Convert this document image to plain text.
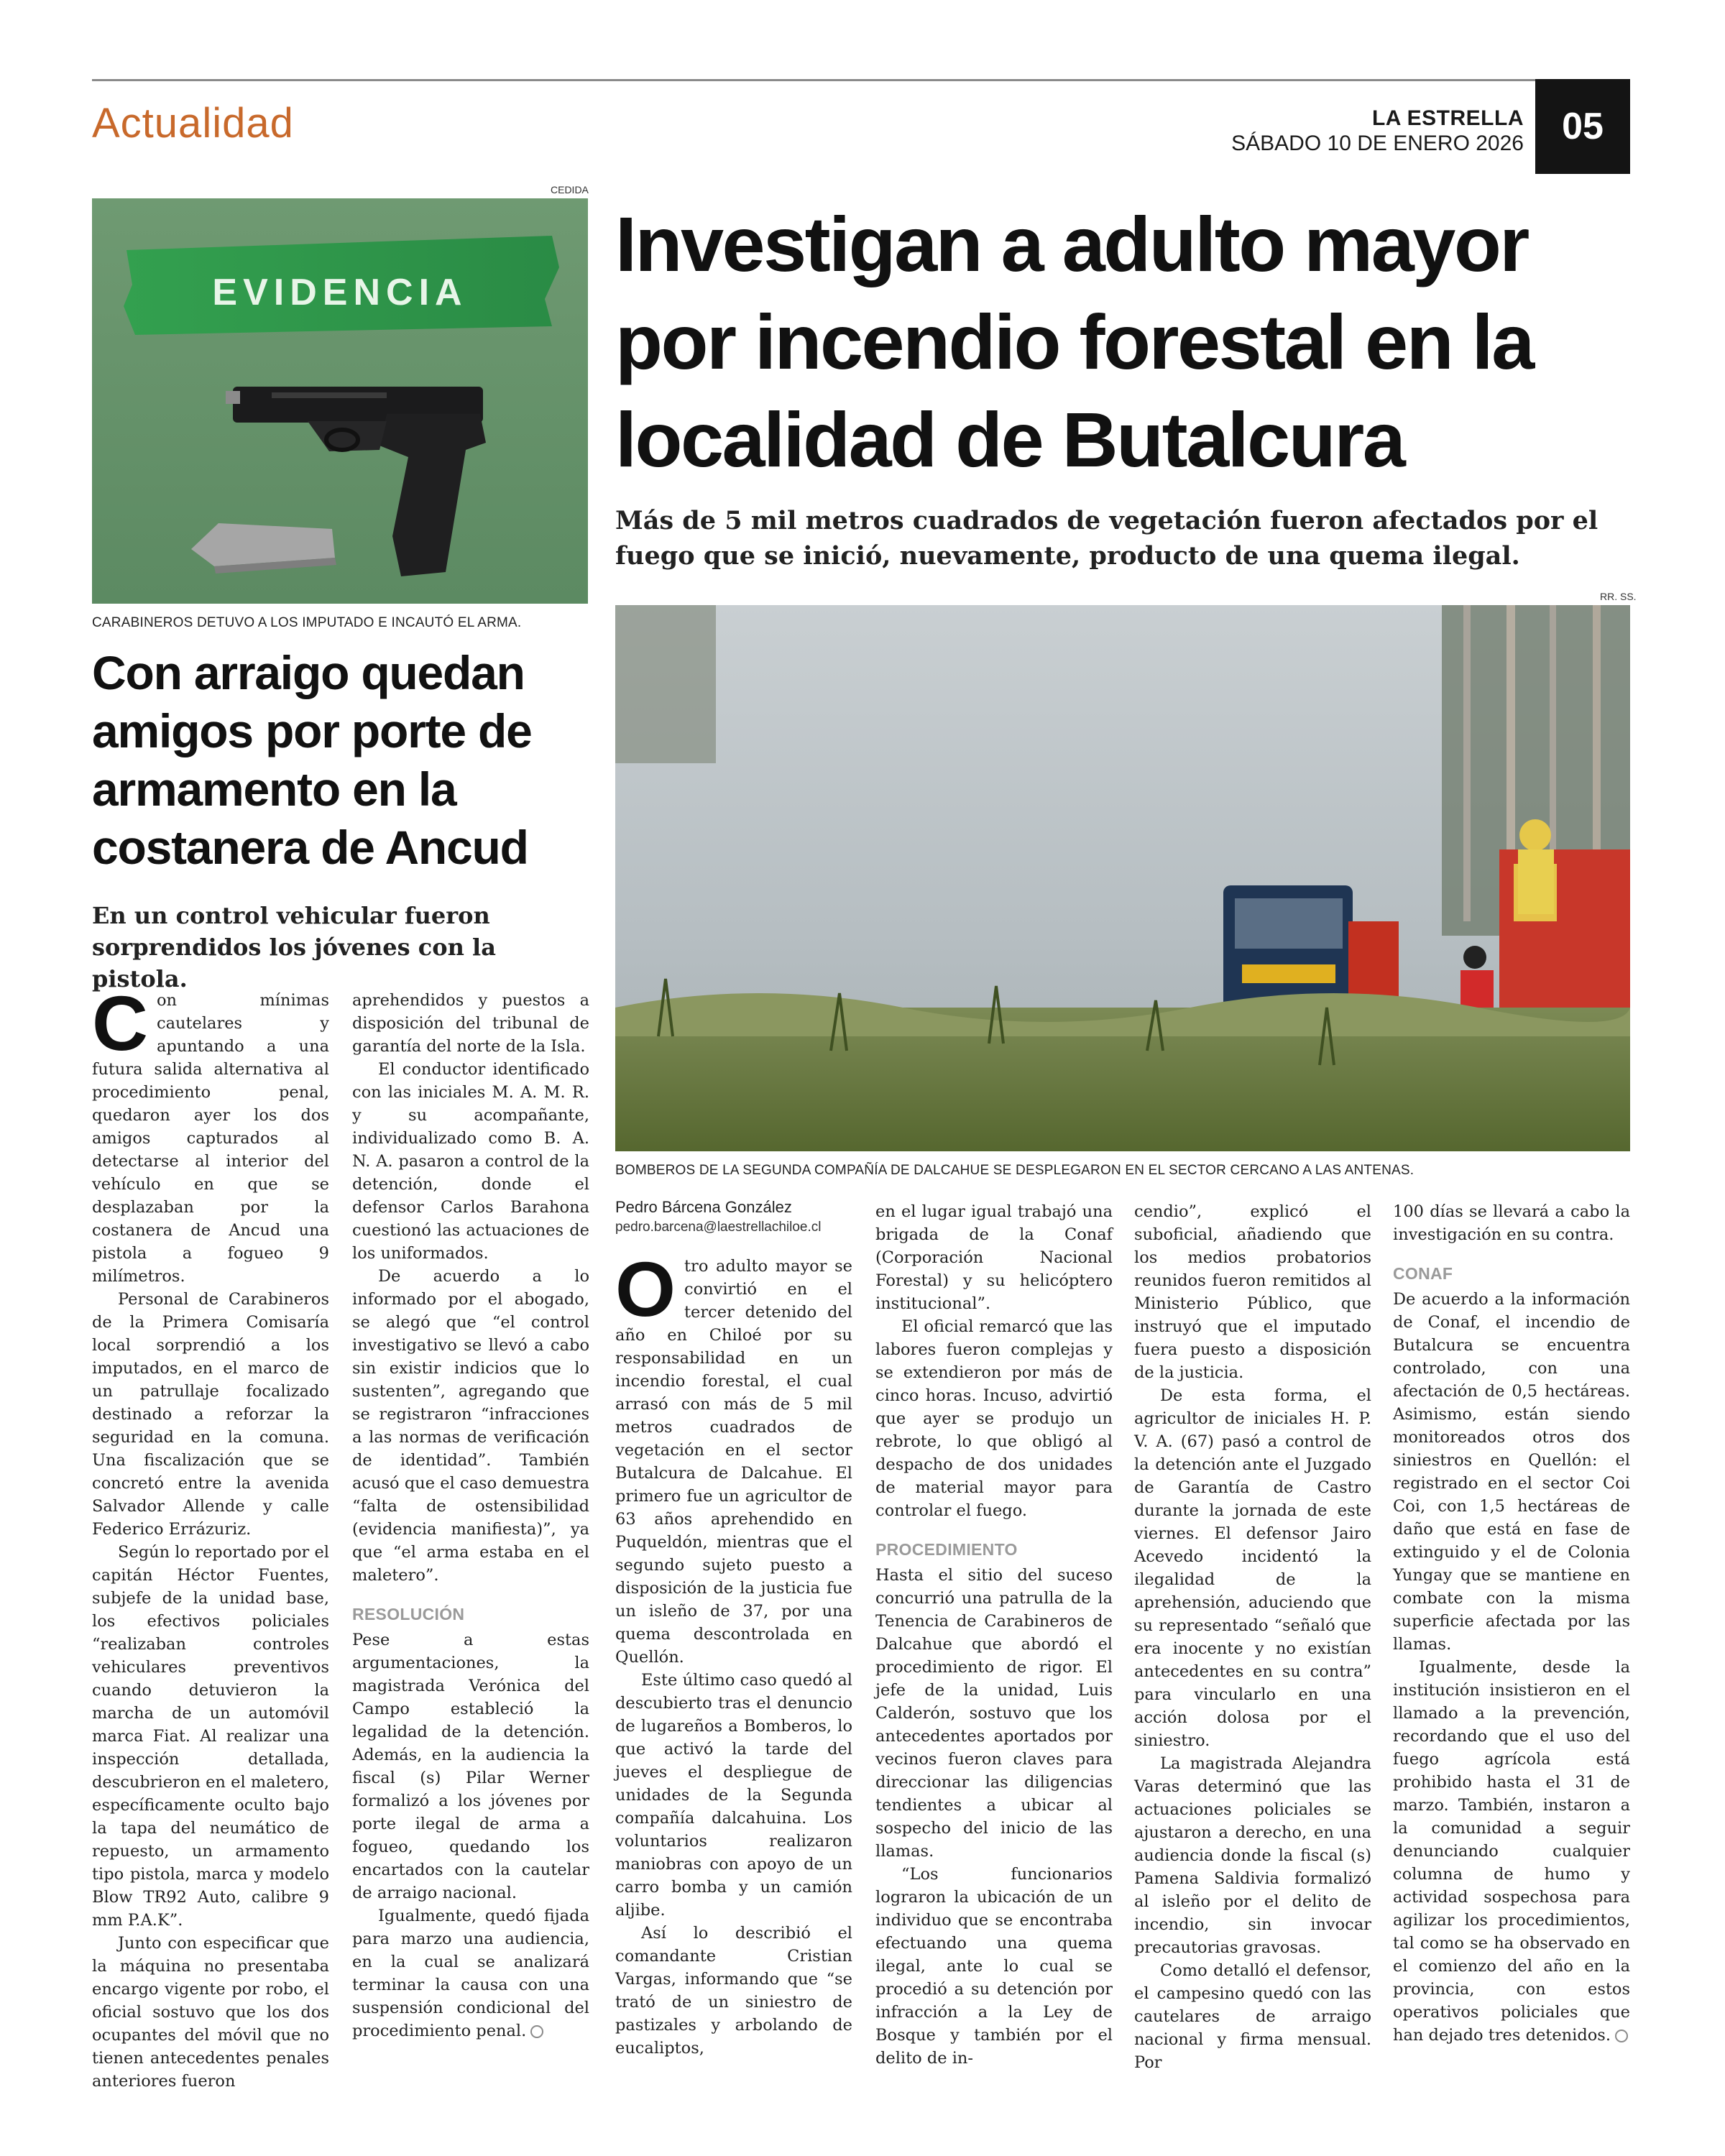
Actualidad	LA ESTRELLA
SÁBADO 10 DE ENERO 2026	05
CEDIDA
EVIDENCIA
CARABINEROS DETUVO A LOS IMPUTADO E INCAUTÓ EL ARMA.
Con arraigo quedan amigos por porte de armamento en la costanera de Ancud
En un control vehicular fueron sorprendidos los jóvenes con la pistola.

Con mínimas cautelares y apuntando a una futura salida alternativa al procedimiento penal, quedaron ayer los dos amigos capturados al detectarse al interior del vehículo en que se desplazaban por la costanera de Ancud una pistola a fogueo 9 milímetros.

Personal de Carabineros de la Primera Comisaría local sorprendió a los imputados, en el marco de un patrullaje focalizado destinado a reforzar la seguridad en la comuna. Una fiscalización que se concretó entre la avenida Salvador Allende y calle Federico Errázuriz.

Según lo reportado por el capitán Héctor Fuentes, subjefe de la unidad base, los efectivos policiales “realizaban controles vehiculares preventivos cuando detuvieron la marcha de un automóvil marca Fiat. Al realizar una inspección detallada, descubrieron en el maletero, específicamente oculto bajo la tapa del neumático de repuesto, un armamento tipo pistola, marca y modelo Blow TR92 Auto, calibre 9 mm P.A.K”.

Junto con especificar que la máquina no presentaba encargo vigente por robo, el oficial sostuvo que los dos ocupantes del móvil que no tienen antecedentes penales anteriores fueron

aprehendidos y puestos a disposición del tribunal de garantía del norte de la Isla.

El conductor identificado con las iniciales M. A. M. R. y su acompañante, individualizado como B. A. N. A. pasaron a control de la detención, donde el defensor Carlos Barahona cuestionó las actuaciones de los uniformados.

De acuerdo a lo informado por el abogado, se alegó que “el control investigativo se llevó a cabo sin existir indicios que lo sustenten”, agregando que se registraron “infracciones a las normas de verificación de identidad”. También acusó que el caso demuestra “falta de ostensibilidad (evidencia manifiesta)”, ya que “el arma estaba en el maletero”.

RESOLUCIÓN

Pese a estas argumentaciones, la magistrada Verónica del Campo estableció la legalidad de la detención. Además, en la audiencia la fiscal (s) Pilar Werner formalizó a los jóvenes por porte ilegal de arma a fogueo, quedando los encartados con la cautelar de arraigo nacional.

Igualmente, quedó fijada para marzo una audiencia, en la cual se analizará terminar la causa con una suspensión condicional del procedimiento penal.

Investigan a adulto mayor por incendio forestal en la localidad de Butalcura
Más de 5 mil metros cuadrados de vegetación fueron afectados por el fuego que se inició, nuevamente, producto de una quema ilegal.
RR. SS.
BOMBEROS DE LA SEGUNDA COMPAÑÍA DE DALCAHUE SE DESPLEGARON EN EL SECTOR CERCANO A LAS ANTENAS.
Pedro Bárcena González
pedro.barcena@laestrellachiloe.cl

Otro adulto mayor se convirtió en el tercer detenido del año en Chiloé por su responsabilidad en un incendio forestal, el cual arrasó con más de 5 mil metros cuadrados de vegetación en el sector Butalcura de Dalcahue. El primero fue un agricultor de 63 años aprehendido en Puqueldón, mientras que el segundo sujeto puesto a disposición de la justicia fue un isleño de 37, por una quema descontrolada en Quellón.

Este último caso quedó al descubierto tras el denuncio de lugareños a Bomberos, lo que activó la tarde del jueves el despliegue de unidades de la Segunda compañía dalcahuina. Los voluntarios realizaron maniobras con apoyo de un carro bomba y un camión aljibe.

Así lo describió el comandante Cristian Vargas, informando que “se trató de un siniestro de pastizales y arbolando de eucaliptos,

en el lugar igual trabajó una brigada de la Conaf (Corporación Nacional Forestal) y su helicóptero institucional”.

El oficial remarcó que las labores fueron complejas y se extendieron por más de cinco horas. Incuso, advirtió que ayer se produjo un rebrote, lo que obligó al despacho de dos unidades de material mayor para controlar el fuego.

PROCEDIMIENTO

Hasta el sitio del suceso concurrió una patrulla de la Tenencia de Carabineros de Dalcahue que abordó el procedimiento de rigor. El jefe de la unidad, Luis Calderón, sostuvo que los antecedentes aportados por vecinos fueron claves para direccionar las diligencias tendientes a ubicar al sospecho del inicio de las llamas.

“Los funcionarios lograron la ubicación de un individuo que se encontraba efectuando una quema ilegal, ante lo cual se procedió a su detención por infracción a la Ley de Bosque y también por el delito de in-

cendio”, explicó el suboficial, añadiendo que los medios probatorios reunidos fueron remitidos al Ministerio Público, que instruyó que el imputado fuera puesto a disposición de la justicia.

De esta forma, el agricultor de iniciales H. P. V. A. (67) pasó a control de la detención ante el Juzgado de Garantía de Castro durante la jornada de este viernes. El defensor Jairo Acevedo incidentó la ilegalidad de la aprehensión, aduciendo que su representado “señaló que era inocente y no existían antecedentes en su contra” para vincularlo en una acción dolosa por el siniestro.

La magistrada Alejandra Varas determinó que las actuaciones policiales se ajustaron a derecho, en una audiencia donde la fiscal (s) Pamena Saldivia formalizó al isleño por el delito de incendio, sin invocar precautorias gravosas.

Como detalló el defensor, el campesino quedó con las cautelares de arraigo nacional y firma mensual. Por

100 días se llevará a cabo la investigación en su contra.

CONAF

De acuerdo a la información de Conaf, el incendio de Butalcura se encuentra controlado, con una afectación de 0,5 hectáreas. Asimismo, están siendo monitoreados otros dos siniestros en Quellón: el registrado en el sector Coi Coi, con 1,5 hectáreas de daño que está en fase de extinguido y el de Colonia Yungay que se mantiene en combate con la misma superficie afectada por las llamas.

Igualmente, desde la institución insistieron en el llamado a la prevención, recordando que el uso del fuego agrícola está prohibido hasta el 31 de marzo. También, instaron a la comunidad a seguir denunciando cualquier columna de humo y actividad sospechosa para agilizar los procedimientos, tal como se ha observado en el comienzo del año en la provincia, con estos operativos policiales que han dejado tres detenidos.
